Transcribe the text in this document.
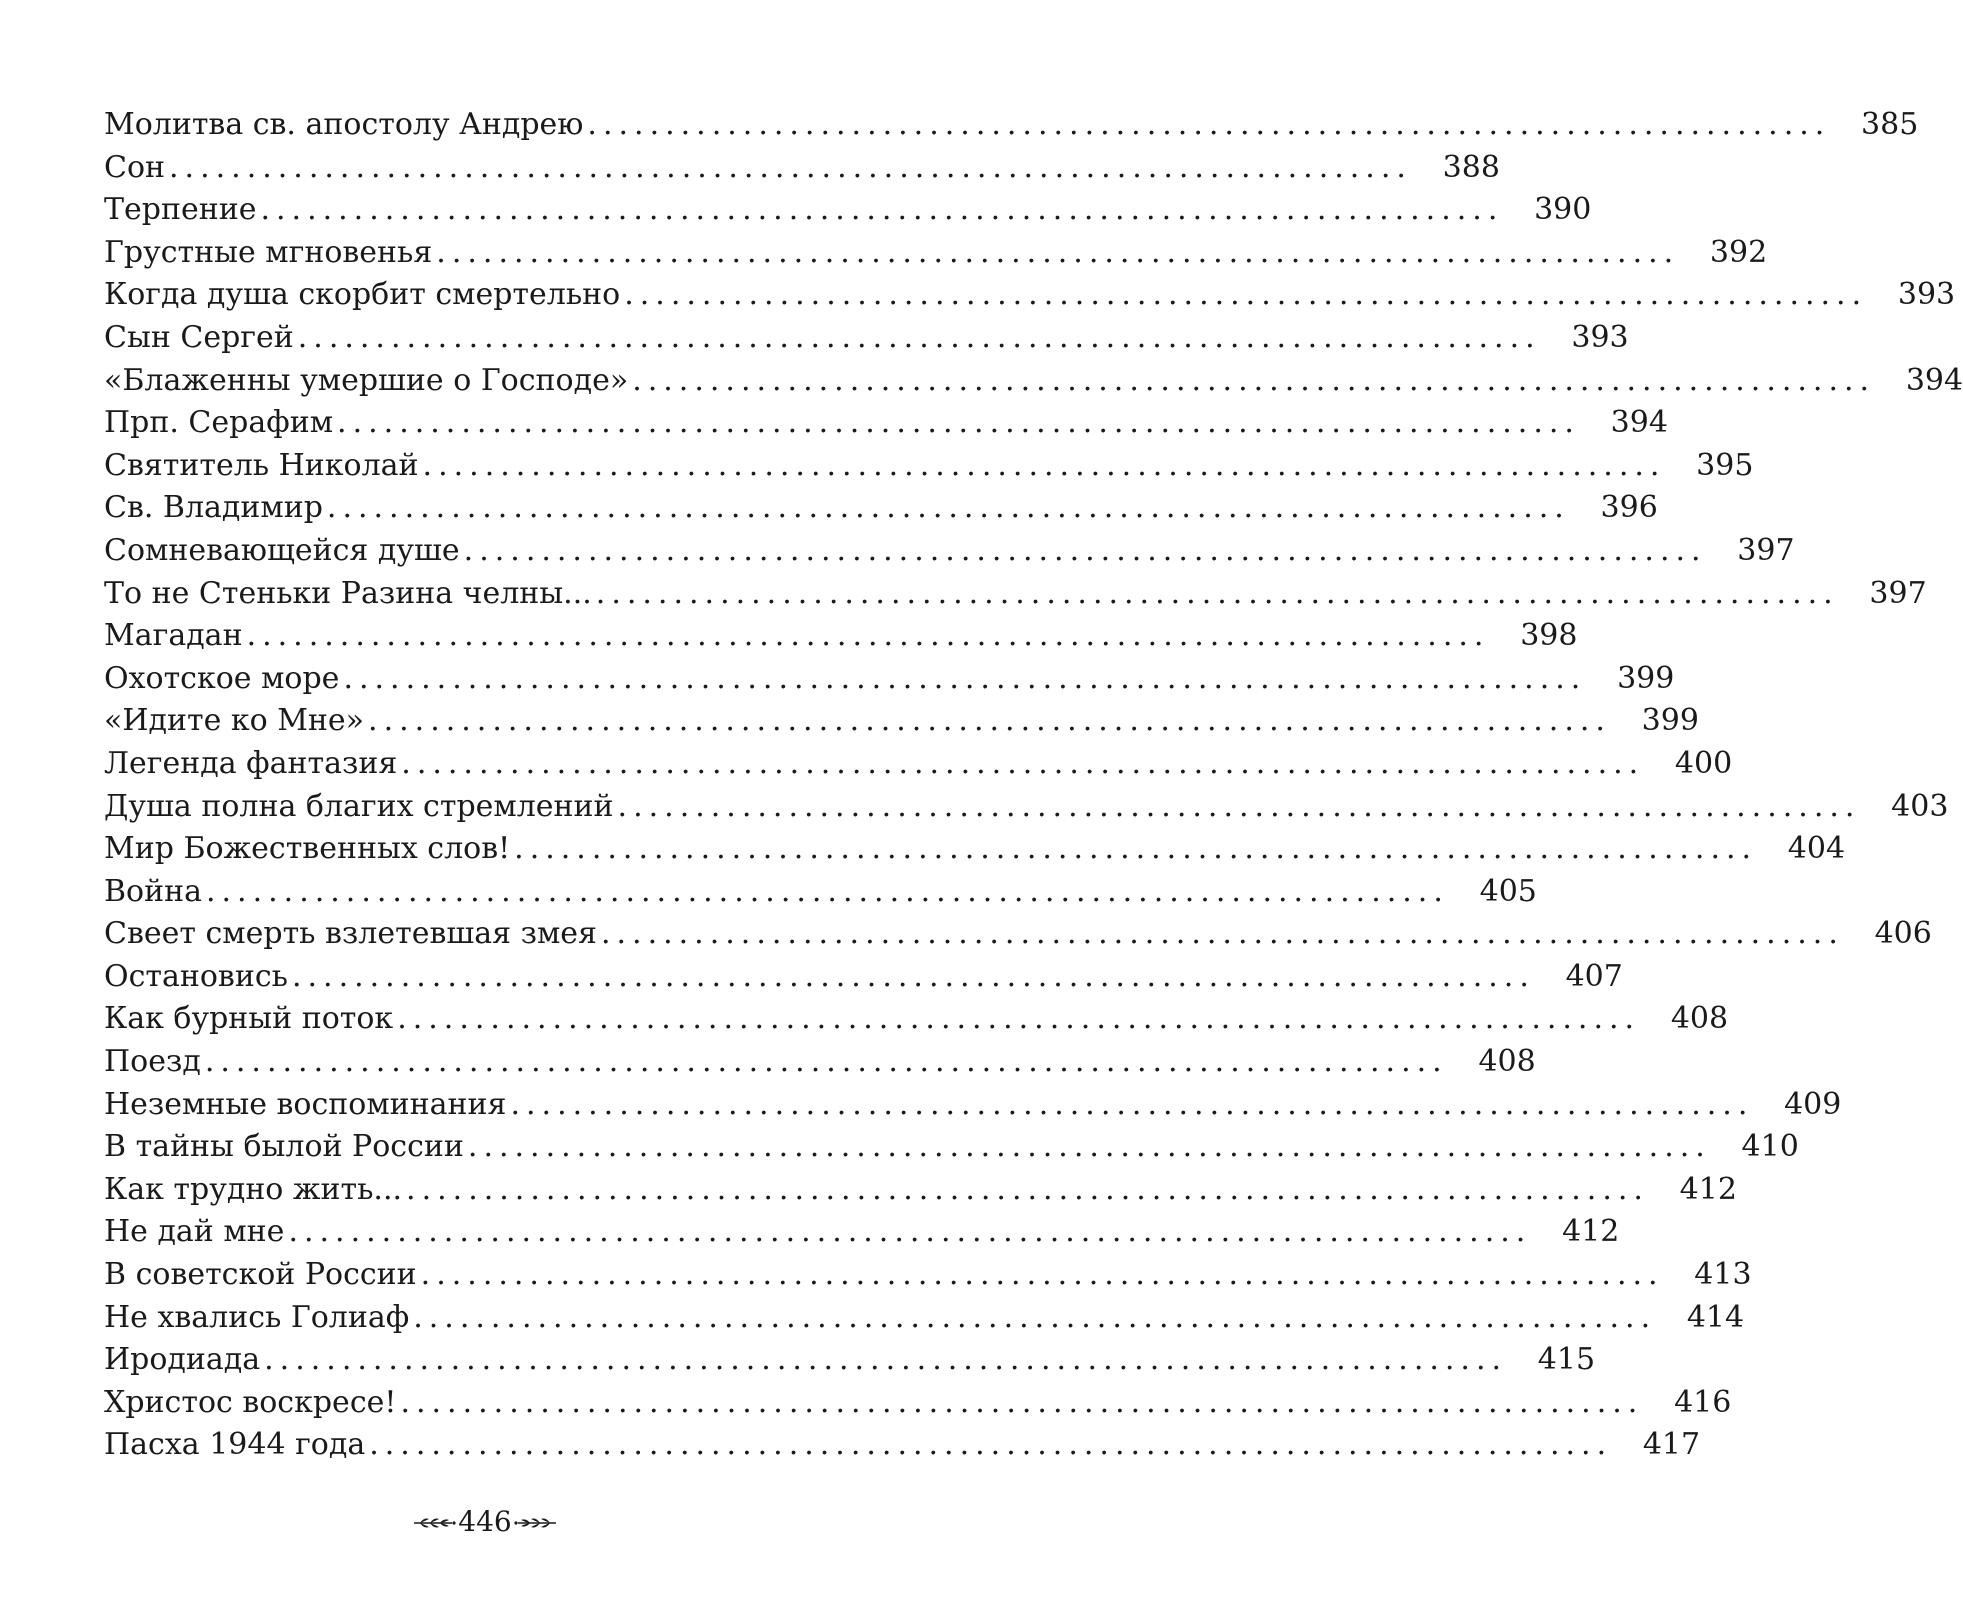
Молитва св. апостолу Андрею ................................................................................ 385
Сон ................................................................................ 388
Терпение ................................................................................ 390
Грустные мгновенья ................................................................................ 392
Когда душа скорбит смертельно ................................................................................ 393
Сын Сергей ................................................................................ 393
«Блаженны умершие о Господе» ................................................................................ 394
Прп. Серафим ................................................................................ 394
Святитель Николай ................................................................................ 395
Св. Владимир ................................................................................ 396
Сомневающейся душе ................................................................................ 397
То не Стеньки Разина челны... ................................................................................ 397
Магадан ................................................................................ 398
Охотское море ................................................................................ 399
«Идите ко Мне» ................................................................................ 399
Легенда фантазия ................................................................................ 400
Душа полна благих стремлений ................................................................................ 403
Мир Божественных слов! ................................................................................ 404
Война ................................................................................ 405
Свеет смерть взлетевшая змея ................................................................................ 406
Остановись ................................................................................ 407
Как бурный поток ................................................................................ 408
Поезд ................................................................................ 408
Неземные воспоминания ................................................................................ 409
В тайны былой России ................................................................................ 410
Как трудно жить... ................................................................................ 412
Не дай мне ................................................................................ 412
В советской России ................................................................................ 413
Не хвались Голиаф ................................................................................ 414
Иродиада ................................................................................ 415
Христос воскресе! ................................................................................ 416
Пасха 1944 года ................................................................................ 417
446
